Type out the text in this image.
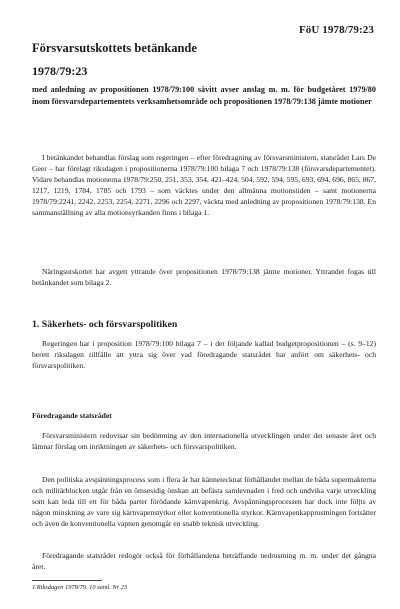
FöU 1978/79:23
Försvarsutskottets betänkande
1978/79:23
med anledning av propositionen 1978/79:100 såvitt avser anslag m. m. för budgetåret 1979/80 inom försvarsdepartementets verksamhetsområde och propositionen 1978/79:138 jämte motioner
I betänkandet behandlas förslag som regeringen – efter föredragning av försvarsministern, statsrådet Lars De Geer – har förelagt riksdagen i propositionerna 1978/79:100 bilaga 7 och 1978/79:138 (försvarsdepartementet). Vidare behandlas motionerna 1978/79:250, 251, 353, 354, 421–424, 504, 592, 594, 595, 693, 694, 696, 865, 867, 1217, 1219, 1784, 1785 och 1793 – som väcktes under den allmänna motionstiden – samt motionerna 1978/79:2241, 2242, 2253, 2254, 2271, 2296 och 2297, väckta med anledning av propositionen 1978/79:138. En sammanställning av alla motionsyrkanden finns i bilaga 1.
Näringsutskottet har avgett yttrande över propositionen 1978/79:138 jämte motioner. Yttrandet fogas till betänkandet som bilaga 2.
1. Säkerhets- och försvarspolitiken
Regeringen har i proposition 1978/79:100 bilaga 7 – i det följande kallad budgetpropositionen – (s. 9–12) berett riksdagen tillfälle att yttra sig över vad föredragande statsrådet har anfört om säkerhets- och försvarspolitiken.
Föredragande statsrådet
Försvarsministern redovisar sin bedömning av den internationella utvecklingen under det senaste året och lämnar förslag om inriktningen av säkerhets- och försvarspolitiken.
Den politiska avspänningsprocess som i flera år har kännetecknat förhållandet mellan de båda supermakterna och militärblocken utgår från en ömsesidig önskan att befästa samlevnaden i fred och undvika varje utveckling som kan leda till ett för båda parter förödande kärnvapenkrig. Avspänningsprocessen har dock inte följts av någon minskning av vare sig kärnvapenstyrkor eller konventionella styrkor. Kärnvapenkapprustningen fortsätter och även de konventionella vapnen genomgår en snabb teknisk utveckling.
Föredragande statsrådet redogör också för förhållandena beträffande nedrustning m. m. under det gångna året.
1 Riksdagen 1978/79. 10 saml. Nr 23
